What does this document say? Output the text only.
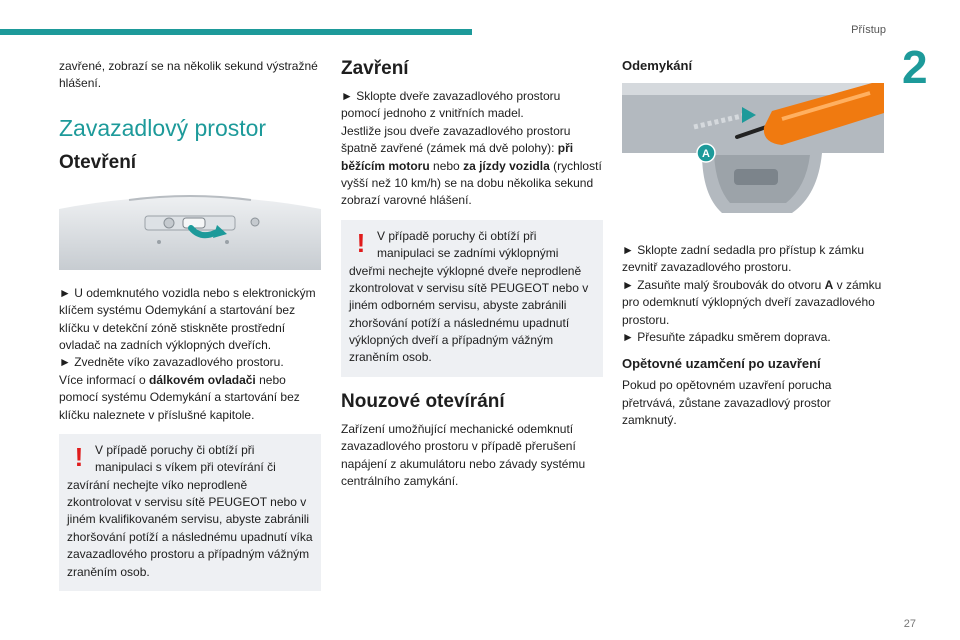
Přístup
2

zavřené, zobrazí se na několik sekund výstražné hlášení.

Zavazadlový prostor
Otevření

► U odemknutého vozidla nebo s elektronickým klíčem systému Odemykání a startování bez klíčku v detekční zóně stiskněte prostřední ovladač na zadních výklopných dveřích.

► Zvedněte víko zavazadlového prostoru.

Více informací o dálkovém ovladači nebo pomocí systému Odemykání a startování bez klíčku naleznete v příslušné kapitole.

! V případě poruchy či obtíží při manipulaci s víkem při otevírání či zavírání nechejte víko neprodleně zkontrolovat v servisu sítě PEUGEOT nebo v jiném kvalifikovaném servisu, abyste zabránili zhoršování potíží a následnému upadnutí víka zavazadlového prostoru a případným vážným zraněním osob.
Zavření

► Sklopte dveře zavazadlového prostoru pomocí jednoho z vnitřních madel.

Jestliže jsou dveře zavazadlového prostoru špatně zavřené (zámek má dvě polohy): při běžícím motoru nebo za jízdy vozidla (rychlostí vyšší než 10 km/h) se na dobu několika sekund zobrazí varovné hlášení.

! V případě poruchy či obtíží při manipulaci se zadními výklopnými dveřmi nechejte výklopné dveře neprodleně zkontrolovat v servisu sítě PEUGEOT nebo v jiném odborném servisu, abyste zabránili zhoršování potíží a následnému upadnutí výklopných dveří a případným vážným zraněním osob.
Nouzové otevírání

Zařízení umožňující mechanické odemknutí zavazadlového prostoru v případě přerušení napájení z akumulátoru nebo závady systému centrálního zamykání.

Odemykání
A

► Sklopte zadní sedadla pro přístup k zámku zevnitř zavazadlového prostoru.

► Zasuňte malý šroubovák do otvoru A v zámku pro odemknutí výklopných dveří zavazadlového prostoru.

► Přesuňte západku směrem doprava.

Opětovné uzamčení po uzavření

Pokud po opětovném uzavření porucha přetrvává, zůstane zavazadlový prostor zamknutý.

27
